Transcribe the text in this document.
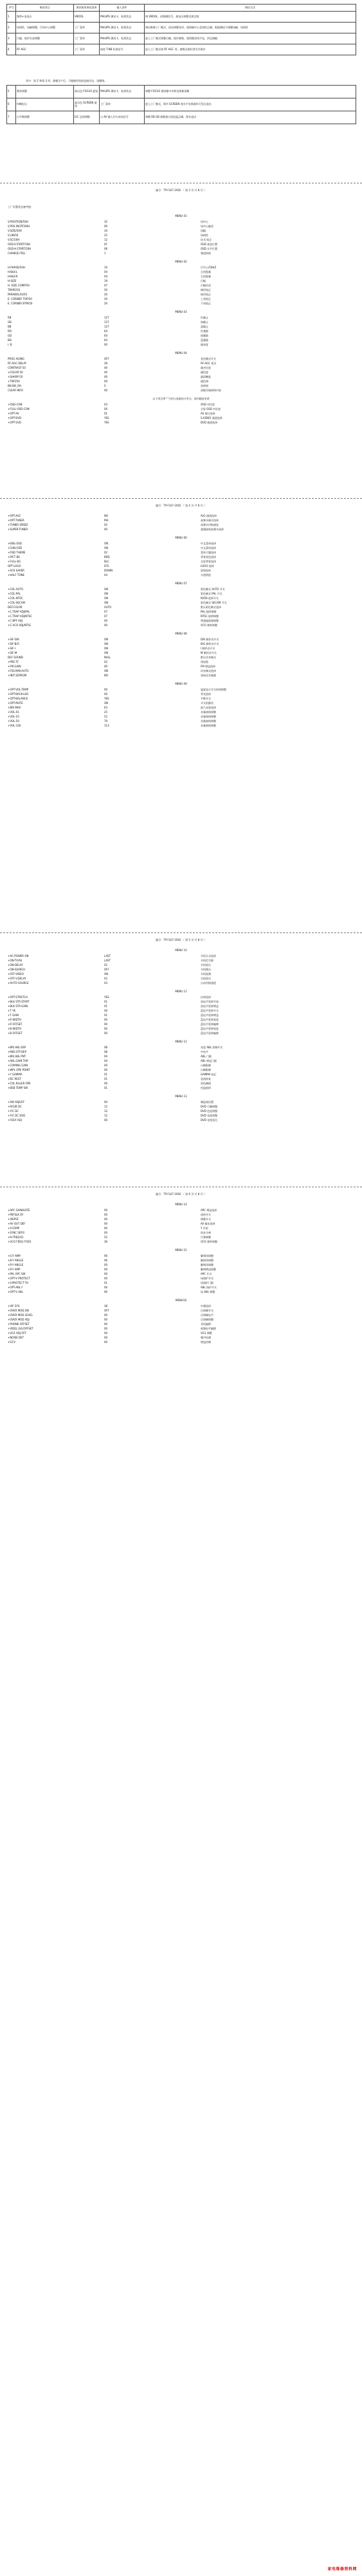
序号	调试项目	调试使用调试菜单	输入条件	调试方法
1	频带+电电压	VBOOL	PHILIPS 测试卡，标准状态	调 VBOOL，同频测信号，使电压调整至规定值
2	场线性，场幅调整，行场中心调整	工厂菜单	PHILIPS 测试卡，标准状态	调出维修工厂模式，依次调整各项，使图像中心及线性正确，根据测试卡调整场幅、场线性
3	行幅，枕形失真调整	工厂菜单	PHILIPS 测试卡，标准状态	进入工厂模式调整行幅、枕形参数，使图像竖线平直，四边满幅
4	RF AGC	工厂菜单	接收 T.NB 标准信号	进入工厂模式调 RF AGC 项，使噪点刚好消失并保存
其中：第 2 和第 3 项，测量生产后，可根据经验值直接设定，再微调。
5	聚焦调整	高压包 FOCUS 旋钮	PHILIPS 测试卡，标准状态	调整 FOCUS 使图像中央和边缘都清晰
6	帘栅电压	高压包 SCREEN 旋钮	工厂菜单	进入工厂模式，调节 SCREEN 使水平亮线刚好可见后退出
7	白平衡调整	I2C 总线调整	白 AV 输入均匀亮场信号	调整 RB GB 参数使白场色温正确，保存退出
编号：TP-FL67-2002 （ 第 3 页 共 8 页 ）
编号：TP-FL67-2002 （ 第 4 页 共 8 页 ）
编号：TP-FL67-2002 （ 第 5 页 共 8 页 ）
编号：TP-FL67-2002 （ 第 6 页 共 8 页 ）
工厂设置状态参考值：
MENU 01
V.POSITION/50H	32	场中心
V.POS INCRT/60H	00	场中心偏差
V.SIZE/50H	34	场幅
V.LIN/50	22	场线性
V.SC/50H	12	场 S 校正
OSD-V.START/50H	0F	OSD 垂直位置
OSD-H.START/50H	06	OSD 水平位置
CHANGE FRQ.	1	频道转换
MENU 02
H.PHASE/50H	10	行中心/50HZ
H-BLK-L	04	左消隐量
H-BLK-R	04	右消隐量
H-SIZE	19	行幅
H. SIZE COMP/50	07	行幅补偿
TRAPE/50	20	梯形校正
PARABOLAS/50	20	枕形校正
E. CORNER TOP/50	20	上角校正
E. CORNER BTM/50	20	下角校正
MENU 03
RB	127	红截止
GB	127	绿截止
BB	127	蓝截止
RD	64	红激励
GD	64	绿激励
BD	64	蓝激励
I. B	00	副亮度
MENU 04
PROG AGING	OFF	老化模式开关
RF-AGC-DELAY	28	RF-AGC 延迟
CONTRAST-50	40	副对比度
+COLOR-50	40	副色度
+SHARP-50	00	副清晰度
+TINT/50	00	副色调
BK-SW_OH	0	黑伸展
CLEAR INFO	00	清除存储网络内容
以下项目带 * 号的与电路设计有关，请勿随意更改
+OSD-CON	03	OSD 对比度
+FULL-OSD-CON	00	全屏 OSD 对比度
+OPT-AV	01	AV 端口选择
+OPT-DVD	YES	S-VIDEO 通道选择
+OPT-SVD	YES	DVD 通道选择
+OPT-AV2	NO	AV2 通道选择
+OPT-TUNER	PHI	高频头制式选择
+TUNER SPEED	02	高频头切换速度
+SUPER-TUNER	00	超强接收高频头选择
MENU 06
+ENG.OSD	ON	中文菜单选择
+CHN.OSD	ON	中文菜单选择
+OSD THEME	02	菜单主题选择
+PICT BG	BRD	背景底色选择
+FULL BG	BLC	全屏背景选择
OPT-LOGO	DTL	LOGO 选择
+SCR SAVER	DOWN	屏保选择
+HALF TONE	04	半透明度
MENU 07
+COL-AUTO	ON	彩色制式 AUTO 开关
+COL-PAL	ON	彩色制式 PAL 开关
+COL-NTSC	ON	N358 选择开关
+COL-SECAM	ON	彩色制式 SECAM 开关
DEF.COLOR	AUTO	默认彩色制式选择
+C.TRAP ADJ/PAL	07	PAL 陷阱调整
+C.TRAP ADJ/NTSC	07	NTSC 陷阱调整
+C BPF ADJ	00	带通滤波器调整
+C.VCO ADJ/NTSC	00	VCO 频率调整
MENU 08
+SIF-D/K	ON	D/K 制伴音开关
+SIF-B/G	ON	B/G 制伴音开关
+SIF-I	ON	I 制伴音开关
+SIF-M	ON	M 制伴音开关
DEF SOUND	NULL	默认伴音制式
+PRE.TC	02	预加重
+FM.GAIN	00	FM 增益选择
+FSS-M/N-AUTO	ON	伴音制式选择
+INIT EEPROM	NO	初始化存储器
MENU 09
+OPT-VOL-TEMP	00	温度显示开关时间调整
+OPT-BACK-LED	00	背光选择
+OPT-BALANCE	YES	平衡开关
+OPT-MUTE	ON	开关机静音
+BRI MAX	63	最大亮度选择
+VOL-01	25	音量曲线调整
+VOL-25	52	音量曲线调整
+VOL-50	79	音量曲线调整
+VOL-100	113	音量曲线调整
MENU 10
+AC-POWER ON	LAST	开机方式选择
+ON-TV/AV	LAST	开机信号源
+ON-DELAY	02	开机延迟
+ON-SEARCH	OFF	开机搜台
+OFF-VIDEO	ON	开机视频
+OFF-V.DELAY	02	关机延迟
+AUTO-SOURCE	03	自动切换通道
MENU 11
+OPT-STRETCH	YES	拉伸选择
+BLK STR.START	01	黑电平延伸开始
+BLK STR.GAIN	01	黑电平延伸增益
+T YK	00	蓝电平延伸开关
+T GAIN	01	蓝电平延伸增益
+R WIDTH	00	蓝电平延伸宽度
+R OFFSET	00	蓝电平延伸偏移
+B WIDTH	00	蓝电平延伸宽度
+B OFFSET	00	蓝电平延伸偏移
MENU 12
+BRI.ABL DEP	08	亮度 ABL 控制开关
+MID.STP DEP	08	中电平
+BRI.ABL PNT	00	ABL 门限
+ABL.GAIN THR	04	ABL 增益门限
+COMING GAIN	00	白峰限制
+WPL OPE POINT	00	白峰限制
+Y GAMMA	01	GAMMA 校正
+DC REST	01	直流恢复
+COL.KILLER OPE	00	消色阈值
+BSB TEMP SW	01	色温选择
MENU 13
+SW ADJUST	00	制造商设置
+R/G/B DC	12	DVD 行幅调整
+Y/C DC	12	DVD 色度调整
+Y/C DC DVD	12	DVD 亮度调整
+Y.DLY ADJ	00	DVD 亮度延迟
MENU 14
+APC GAIN/GATE	00	APC 增益选择
+PEFSLK OF	00	选择开关
+VIEPSF	00	调整开关
+AV OUT DEF	00	AV 输出选择
+Y.COMP	00	Y 补偿
+SYNC SEP.S	00	同步分离
+H.FREQ/S1	52	行频调整
+VCO FREQ FF/ES	36	VCO 频率调整
MENU 15
+G-Y AMP.	06	解调角调整
+B-Y ANGLE	06	解调角调整
+R-Y ANGLE	00	解调角调整
+R-Y AMP	00	解调增益调整
+PAL APC SW	00	APC 开关
+OPT-V PROTECT	00	场保护开关
+V.PROTECT TH	01	场保护门限
+OPT-ABL F	00	ABL 保护开关
+OPT-V ABL	06	场 ABL 调整
MENU16
+VIF SYS	38	中频选择
+OVER MOD.SW	OFF	过调制开关
+OVER MOD LEVEL	00	过调制电平
+OVER MOD ADJ	00	过调制调整
+PHONE OFFSET	00	耳机偏移
+VIDEL LVL/OFFSET	00	视频电平偏移
+VG1 ADJ OFF	00	VG1 调整
+NOISE DET	00	噪声检测
+GCV	00	增益控制
家电维修资料网
